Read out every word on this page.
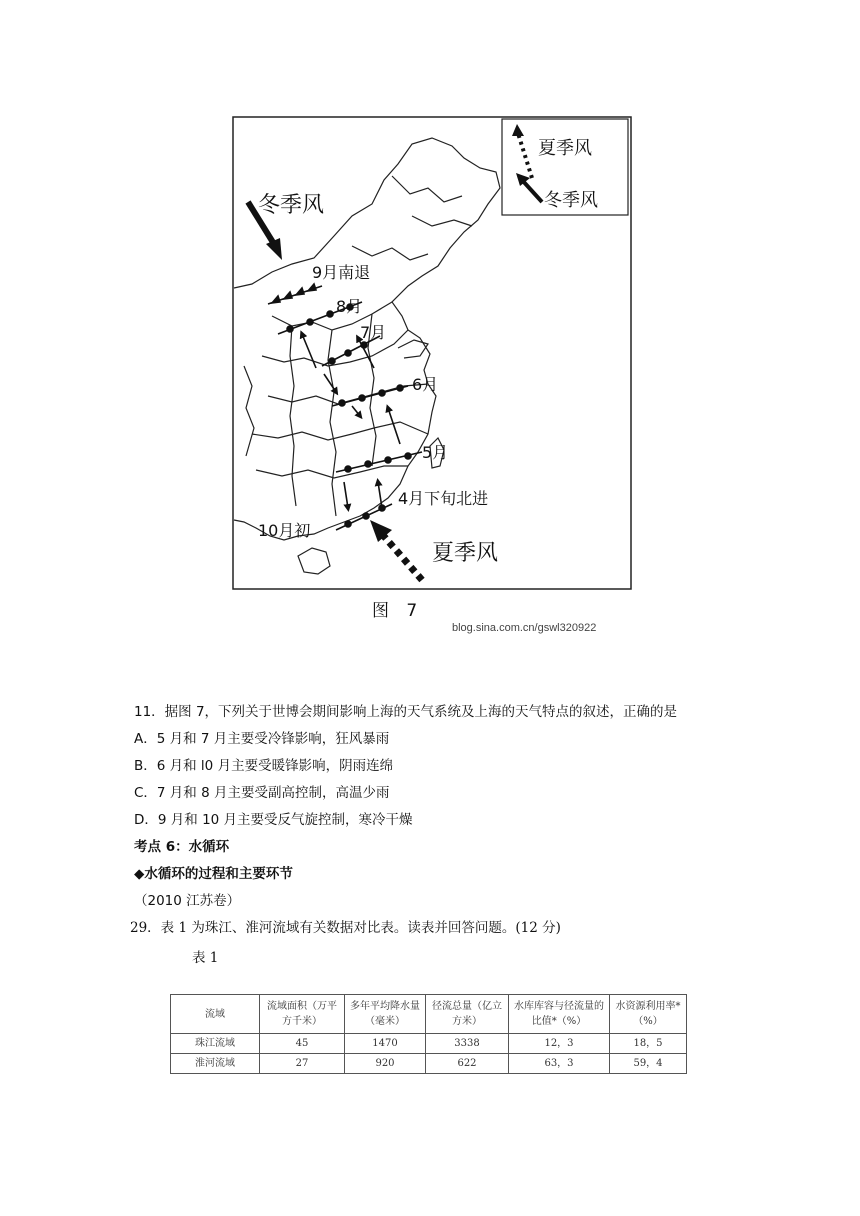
夏季风
冬季风
冬季风
夏季风
9月南退
8月
7月
6月
5月
4月下旬北进
10月初
图 7
blog.sina.com.cn/gswl320922
11．据图 7，下列关于世博会期间影响上海的天气系统及上海的天气特点的叙述，正确的是
A．5 月和 7 月主要受冷锋影响，狂风暴雨
B．6 月和 l0 月主要受暖锋影响，阴雨连绵
C．7 月和 8 月主要受副高控制，高温少雨
D．9 月和 10 月主要受反气旋控制，寒冷干燥
考点 6：水循环
◆水循环的过程和主要环节
（2010 江苏卷）
29．表 1 为珠江、淮河流域有关数据对比表。读表并回答问题。(12 分)
表 1
流域	流域面积（万平方千米）	多年平均降水量（毫米）	径流总量（亿立方米）	水库库容与径流量的比值*（%）	水资源利用率*（%）
珠江流域	45	1470	3338	12，3	18，5
淮河流域	27	920	622	63，3	59，4
